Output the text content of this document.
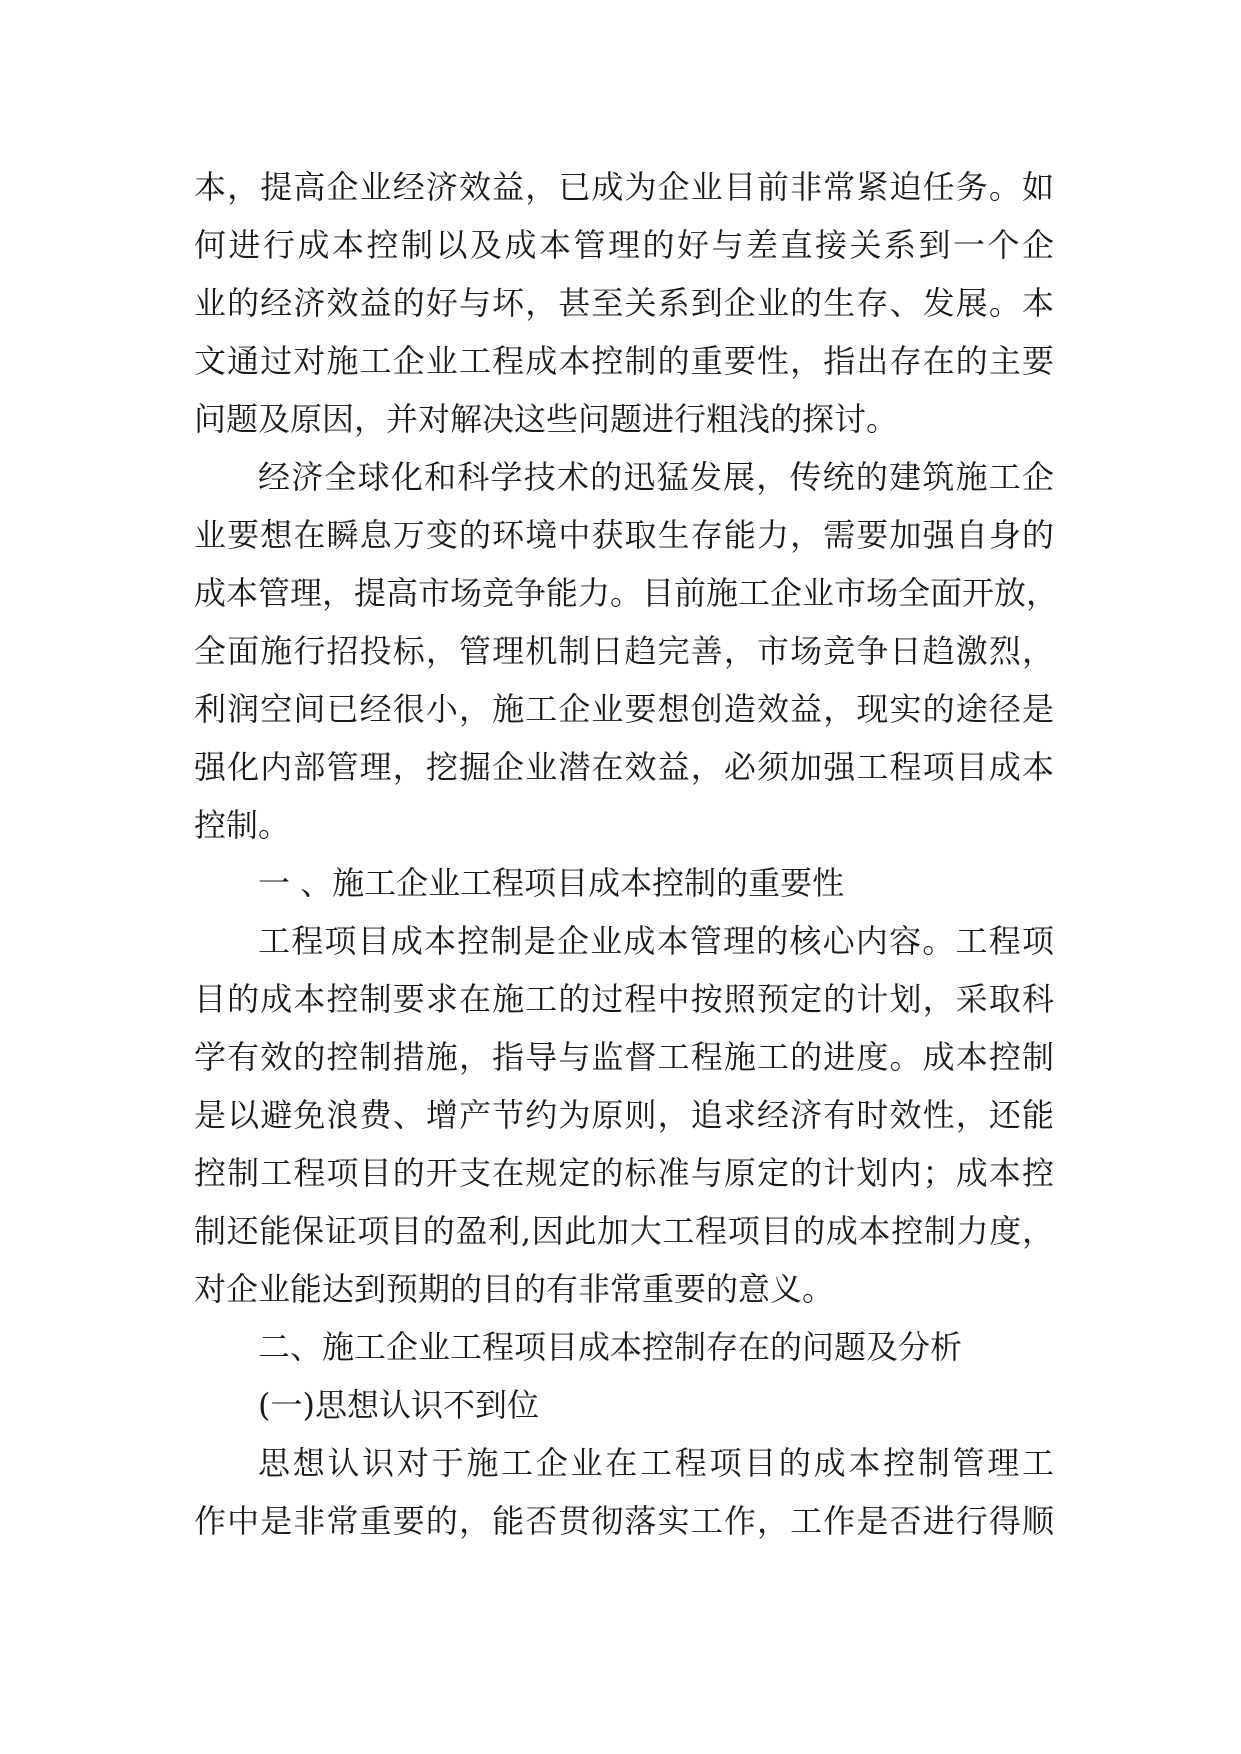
本，提高企业经济效益，已成为企业目前非常紧迫任务。如
何进行成本控制以及成本管理的好与差直接关系到一个企
业的经济效益的好与坏，甚至关系到企业的生存、发展。本
文通过对施工企业工程成本控制的重要性，指出存在的主要
问题及原因，并对解决这些问题进行粗浅的探讨。
经济全球化和科学技术的迅猛发展，传统的建筑施工企
业要想在瞬息万变的环境中获取生存能力，需要加强自身的
成本管理，提高市场竞争能力。目前施工企业市场全面开放，
全面施行招投标，管理机制日趋完善，市场竞争日趋激烈，
利润空间已经很小，施工企业要想创造效益，现实的途径是
强化内部管理，挖掘企业潜在效益，必须加强工程项目成本
控制。
一 、施工企业工程项目成本控制的重要性
工程项目成本控制是企业成本管理的核心内容。工程项
目的成本控制要求在施工的过程中按照预定的计划，采取科
学有效的控制措施，指导与监督工程施工的进度。成本控制
是以避免浪费、增产节约为原则，追求经济有时效性，还能
控制工程项目的开支在规定的标准与原定的计划内；成本控
制还能保证项目的盈利,因此加大工程项目的成本控制力度，
对企业能达到预期的目的有非常重要的意义。
二、施工企业工程项目成本控制存在的问题及分析
(一)思想认识不到位
思想认识对于施工企业在工程项目的成本控制管理工
作中是非常重要的，能否贯彻落实工作，工作是否进行得顺
